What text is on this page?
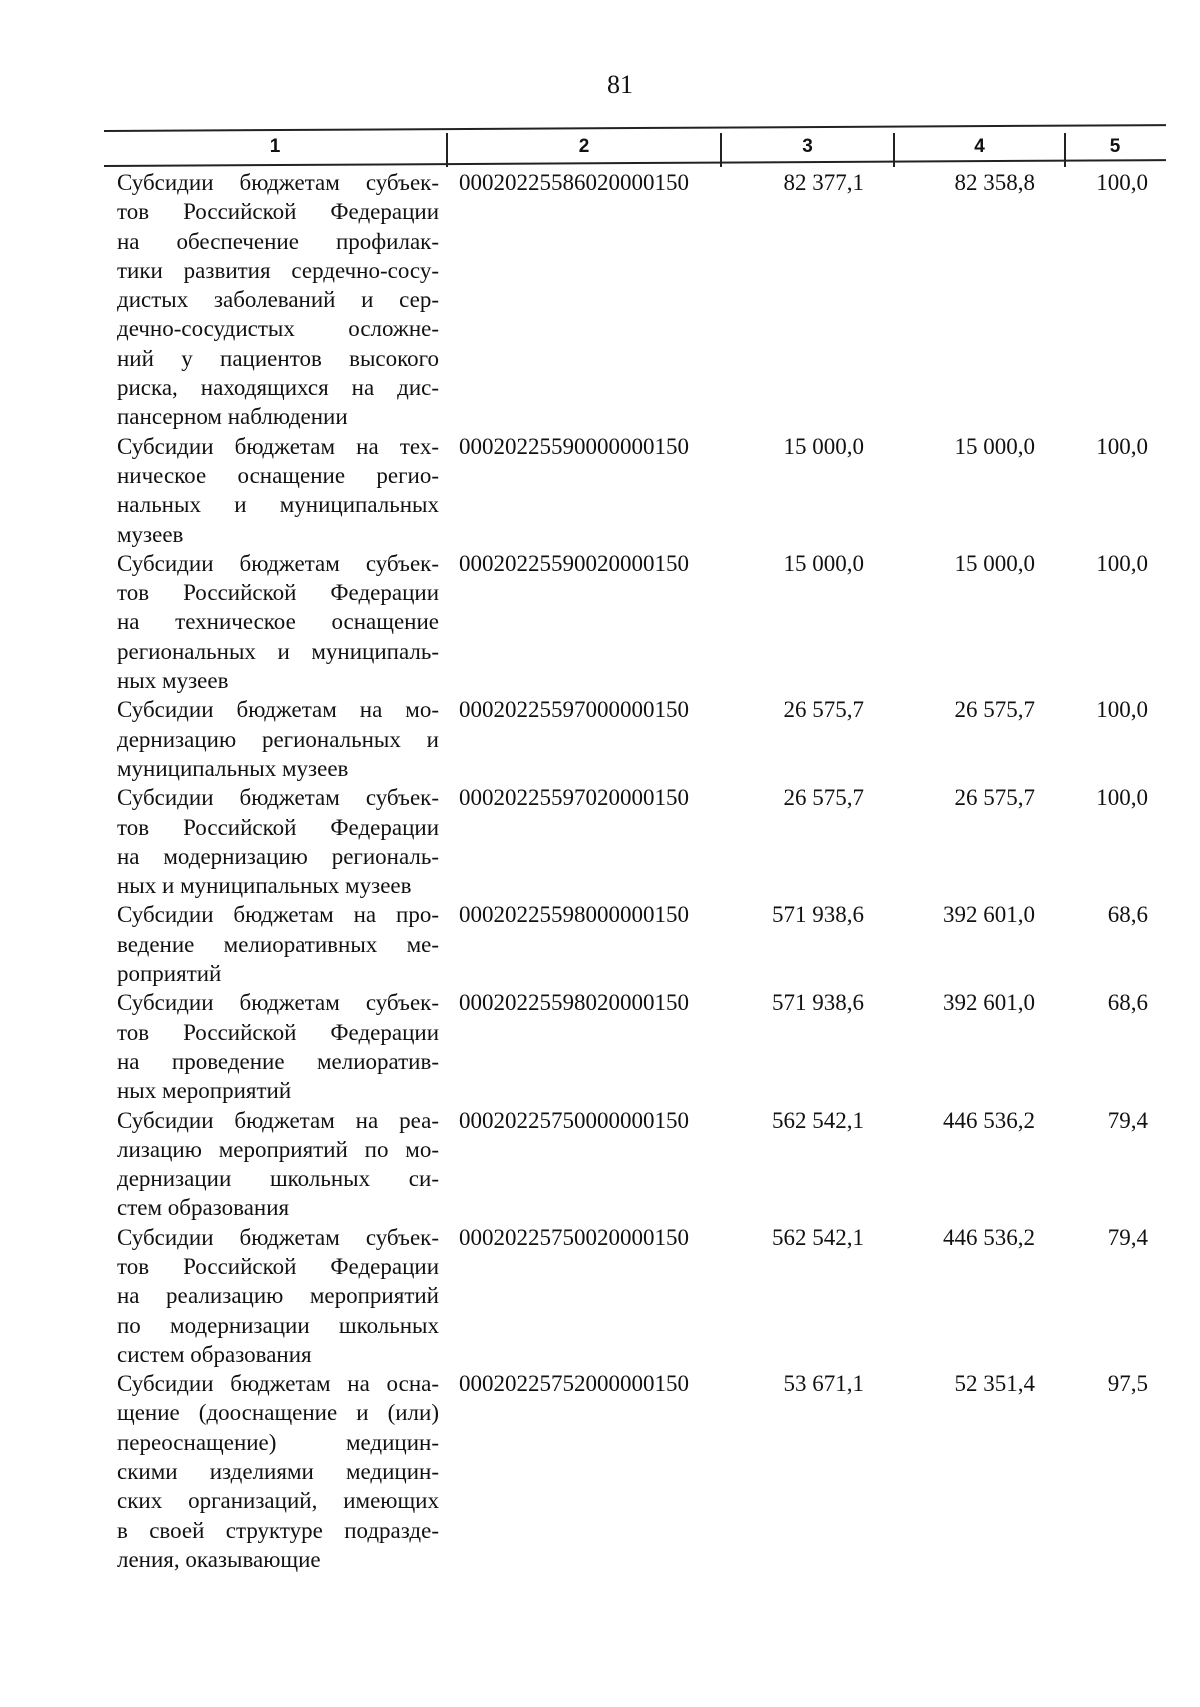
81
1	2	3	4	5
Субсидии бюджетам субъек-
тов Российской Федерации
на обеспечение профилак-
тики развития сердечно-сосу-
дистых заболеваний и сер-
дечно-сосудистых осложне-
ний у пациентов высокого
риска, находящихся на дис-
пансерном наблюдении
00020225586020000150	82 377,1	82 358,8	100,0
Субсидии бюджетам на тех-
ническое оснащение регио-
нальных и муниципальных
музеев
00020225590000000150	15 000,0	15 000,0	100,0
Субсидии бюджетам субъек-
тов Российской Федерации
на техническое оснащение
региональных и муниципаль-
ных музеев
00020225590020000150	15 000,0	15 000,0	100,0
Субсидии бюджетам на мо-
дернизацию региональных и
муниципальных музеев
00020225597000000150	26 575,7	26 575,7	100,0
Субсидии бюджетам субъек-
тов Российской Федерации
на модернизацию региональ-
ных и муниципальных музеев
00020225597020000150	26 575,7	26 575,7	100,0
Субсидии бюджетам на про-
ведение мелиоративных ме-
роприятий
00020225598000000150	571 938,6	392 601,0	68,6
Субсидии бюджетам субъек-
тов Российской Федерации
на проведение мелиоратив-
ных мероприятий
00020225598020000150	571 938,6	392 601,0	68,6
Субсидии бюджетам на реа-
лизацию мероприятий по мо-
дернизации школьных си-
стем образования
00020225750000000150	562 542,1	446 536,2	79,4
Субсидии бюджетам субъек-
тов Российской Федерации
на реализацию мероприятий
по модернизации школьных
систем образования
00020225750020000150	562 542,1	446 536,2	79,4
Субсидии бюджетам на осна-
щение (дооснащение и (или)
переоснащение) медицин-
скими изделиями медицин-
ских организаций, имеющих
в своей структуре подразде-
ления, оказывающие
00020225752000000150	53 671,1	52 351,4	97,5
